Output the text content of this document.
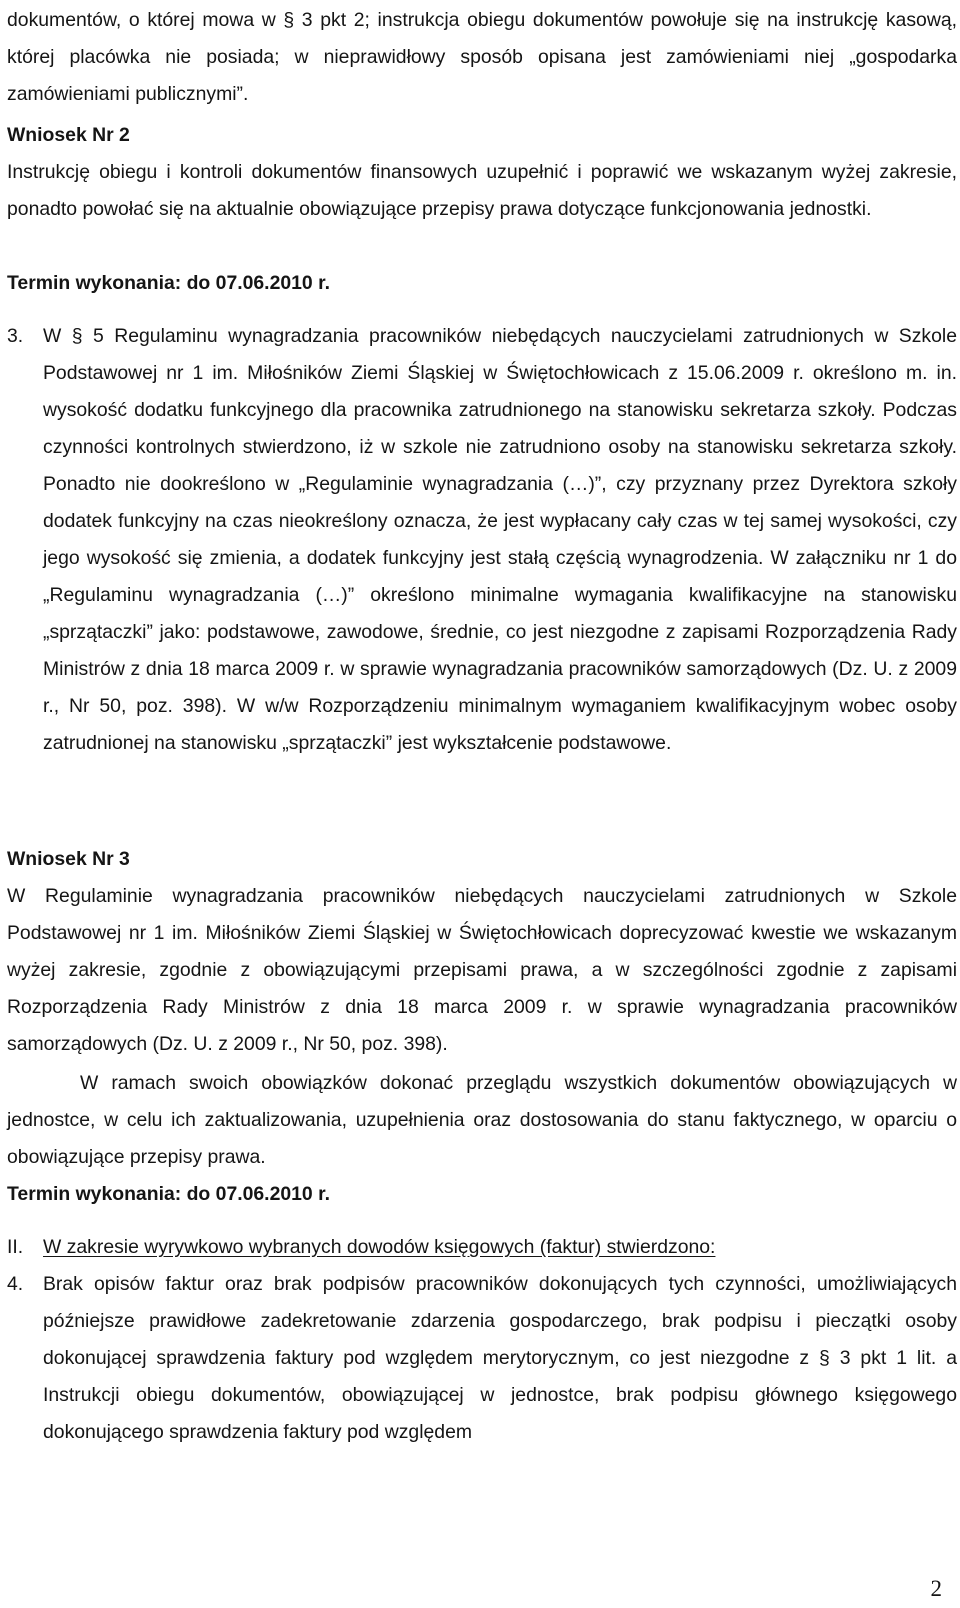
dokumentów, o której mowa w § 3 pkt 2; instrukcja obiegu dokumentów powołuje się na instrukcję kasową, której placówka nie posiada; w nieprawidłowy sposób opisana jest zamówieniami niej „gospodarka zamówieniami publicznymi”.

Wniosek Nr 2

Instrukcję obiegu i kontroli dokumentów finansowych uzupełnić i poprawić we wskazanym wyżej zakresie, ponadto powołać się na aktualnie obowiązujące przepisy prawa dotyczące funkcjonowania jednostki.

Termin wykonania: do 07.06.2010 r.

3. W § 5 Regulaminu wynagradzania pracowników niebędących nauczycielami zatrudnionych w Szkole Podstawowej nr 1 im. Miłośników Ziemi Śląskiej w Świętochłowicach z 15.06.2009 r. określono m. in. wysokość dodatku funkcyjnego dla pracownika zatrudnionego na stanowisku sekretarza szkoły. Podczas czynności kontrolnych stwierdzono, iż w szkole nie zatrudniono osoby na stanowisku sekretarza szkoły. Ponadto nie dookreślono w „Regulaminie wynagradzania (…)”, czy przyznany przez Dyrektora szkoły dodatek funkcyjny na czas nieokreślony oznacza, że jest wypłacany cały czas w tej samej wysokości, czy jego wysokość się zmienia, a dodatek funkcyjny jest stałą częścią wynagrodzenia. W załączniku nr 1 do „Regulaminu wynagradzania (…)” określono minimalne wymagania kwalifikacyjne na stanowisku „sprzątaczki” jako: podstawowe, zawodowe, średnie, co jest niezgodne z zapisami Rozporządzenia Rady Ministrów z dnia 18 marca 2009 r. w sprawie wynagradzania pracowników samorządowych (Dz. U. z 2009 r., Nr 50, poz. 398). W w/w Rozporządzeniu minimalnym wymaganiem kwalifikacyjnym wobec osoby zatrudnionej na stanowisku „sprzątaczki” jest wykształcenie podstawowe.

Wniosek Nr 3

W Regulaminie wynagradzania pracowników niebędących nauczycielami zatrudnionych w Szkole Podstawowej nr 1 im. Miłośników Ziemi Śląskiej w Świętochłowicach doprecyzować kwestie we wskazanym wyżej zakresie, zgodnie z obowiązującymi przepisami prawa, a w szczególności zgodnie z zapisami Rozporządzenia Rady Ministrów z dnia 18 marca 2009 r. w sprawie wynagradzania pracowników samorządowych (Dz. U. z 2009 r., Nr 50, poz. 398).

W ramach swoich obowiązków dokonać przeglądu wszystkich dokumentów obowiązujących w jednostce, w celu ich zaktualizowania, uzupełnienia oraz dostosowania do stanu faktycznego, w oparciu o obowiązujące przepisy prawa.

Termin wykonania: do 07.06.2010 r.

II. W zakresie wyrywkowo wybranych dowodów księgowych (faktur) stwierdzono:

4. Brak opisów faktur oraz brak podpisów pracowników dokonujących tych czynności, umożliwiających późniejsze prawidłowe zadekretowanie zdarzenia gospodarczego, brak podpisu i pieczątki osoby dokonującej sprawdzenia faktury pod względem merytorycznym, co jest niezgodne z § 3 pkt 1 lit. a Instrukcji obiegu dokumentów, obowiązującej w jednostce, brak podpisu głównego księgowego dokonującego sprawdzenia faktury pod względem

2
